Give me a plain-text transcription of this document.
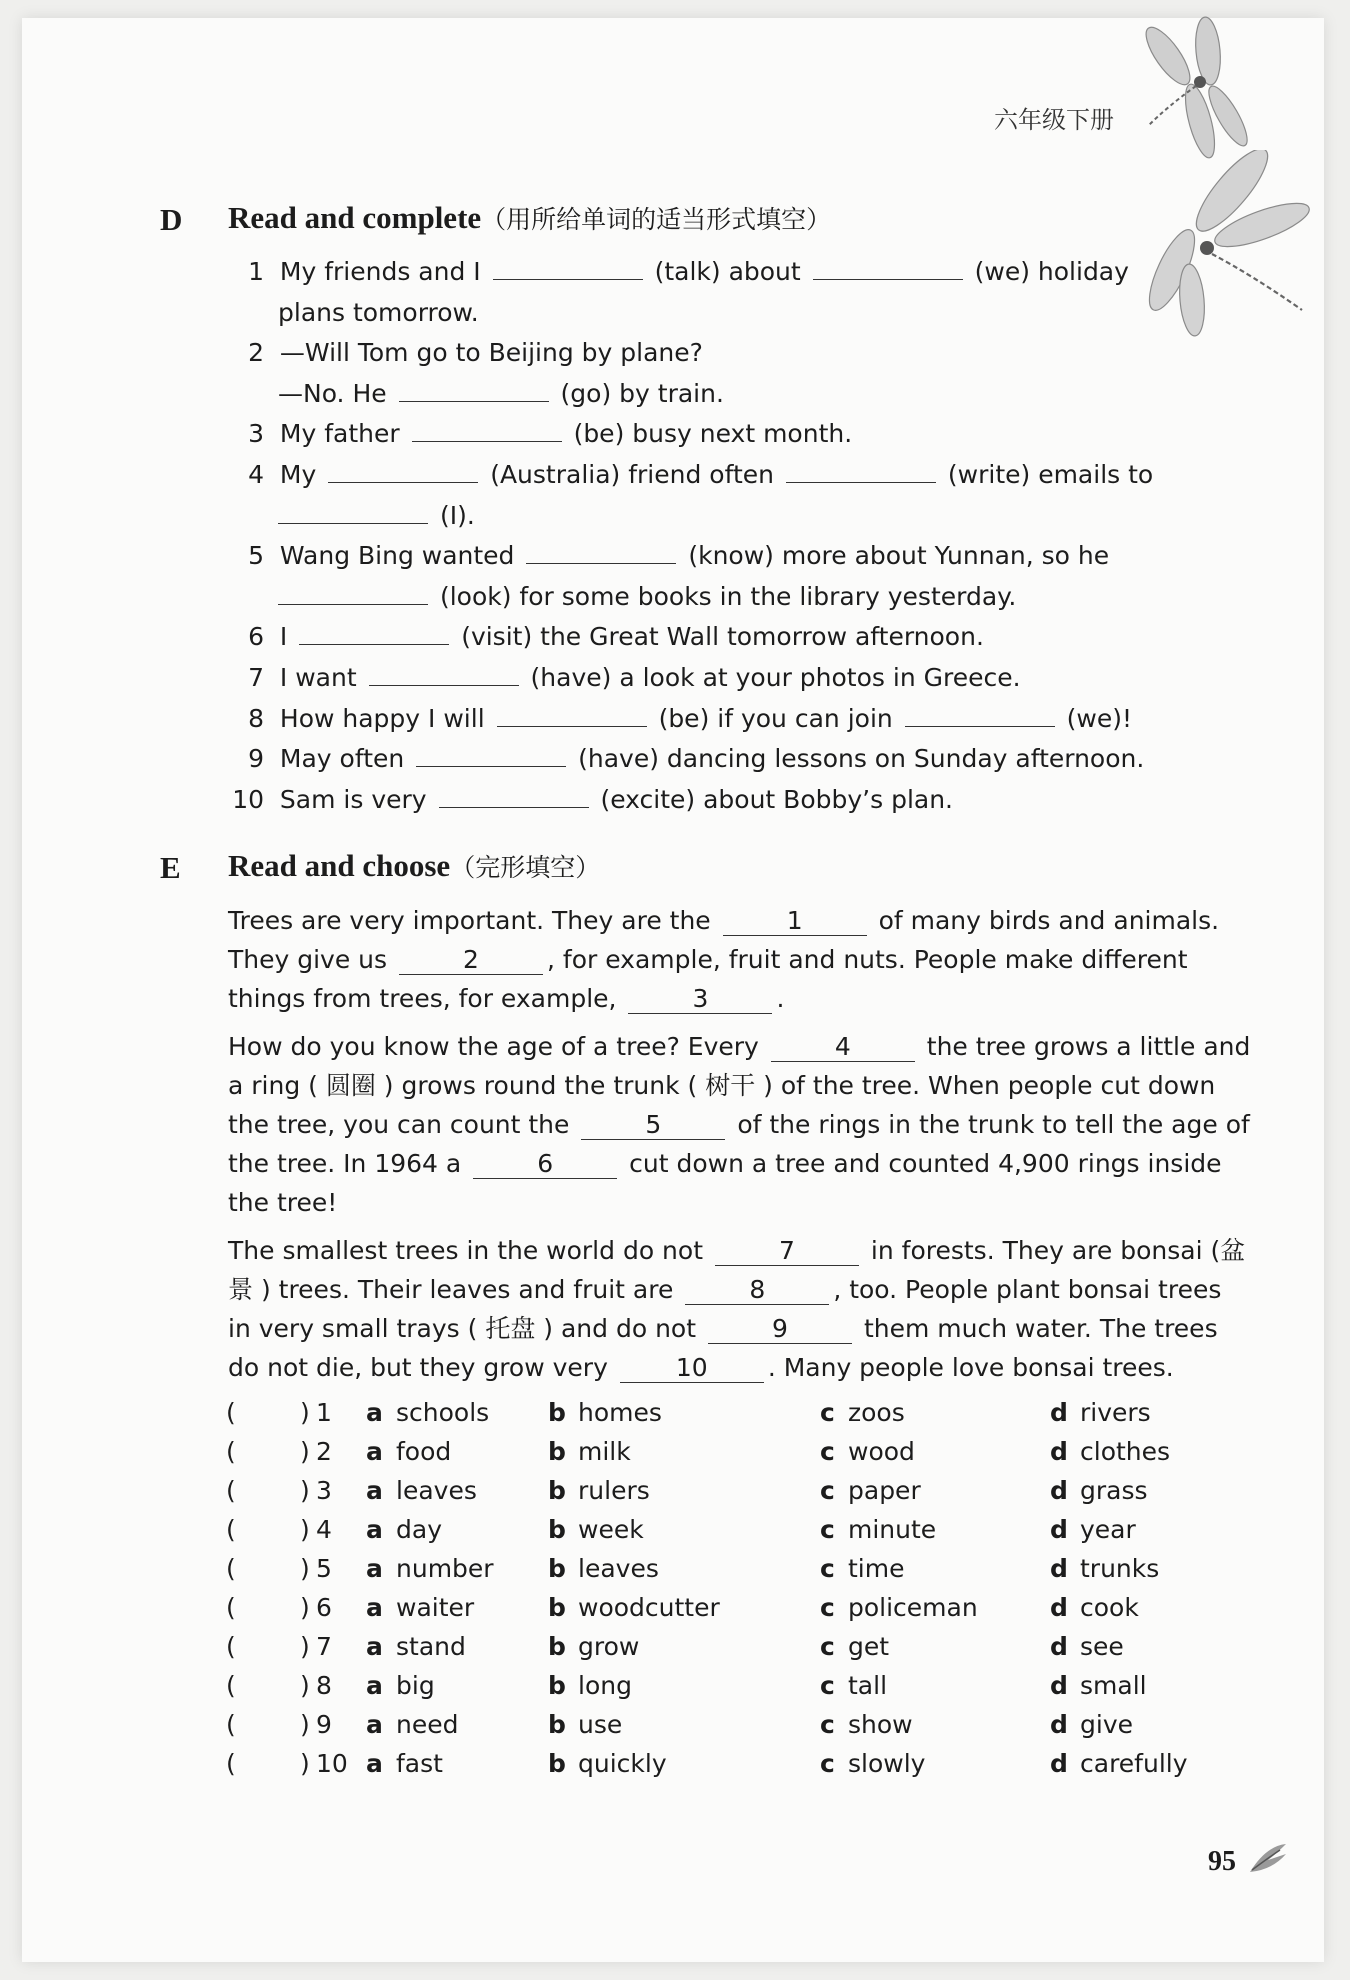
六年级下册
D Read and complete（用所给单词的适当形式填空）
1 My friends and I	(talk) about	(we) holiday
plans tomorrow.
2 —Will Tom go to Beijing by plane?
—No. He	(go) by train.
3 My father	(be) busy next month.
4 My	(Australia) friend often	(write) emails to
(I).
5 Wang Bing wanted	(know) more about Yunnan, so he
(look) for some books in the library yesterday.
6 I	(visit) the Great Wall tomorrow afternoon.
7 I want	(have) a look at your photos in Greece.
8 How happy I will	(be) if you can join	(we)!
9 May often	(have) dancing lessons on Sunday afternoon.
10 Sam is very	(excite) about Bobby’s plan.
E Read and choose（完形填空）
Trees are very important. They are the	1	of many birds and animals.
They give us	2	, for example, fruit and nuts. People make different
things from trees, for example,	3	.
How do you know the age of a tree? Every	4	the tree grows a little and
a ring ( 圆圈 ) grows round the trunk ( 树干 ) of the tree. When people cut down
the tree, you can count the	5	of the rings in the trunk to tell the age of
the tree. In 1964 a	6	cut down a tree and counted 4,900 rings inside
the tree!
The smallest trees in the world do not	7	in forests. They are bonsai (盆
景 ) trees. Their leaves and fruit are	8	, too. People plant bonsai trees
in very small trays ( 托盘 ) and do not	9	them much water. The trees
do not die, but they grow very	10 . Many people love bonsai trees.
(	) 1 a schools b homes	c zoos	d rivers
(	) 2 a food	b milk	c wood	d clothes
(	) 3 a leaves	b rulers	c paper	d grass
(	) 4 a day	b week	c minute	d year
(	) 5 a number b leaves	c time	d trunks
(	) 6 a waiter	b woodcutter	c policeman	d cook
(	) 7 a stand	b grow	c get	d see
(	) 8 a big	b long	c tall	d small
(	) 9 a need	b use	c show	d give
(	) 10 a fast	b quickly	c slowly	d carefully
95
